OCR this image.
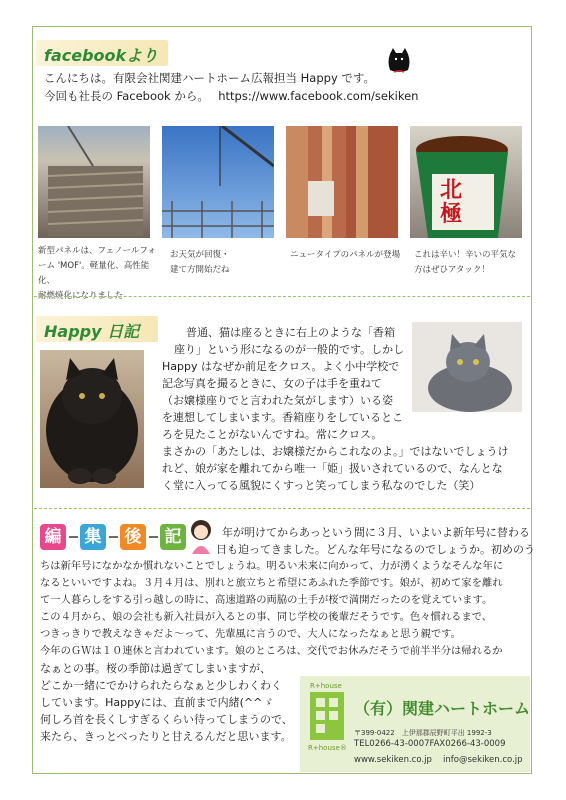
facebookより
こんにちは。有限会社関建ハートホーム広報担当 Happy です。
今回も社長の Facebook から。　 https://www.facebook.com/sekiken
北極
新型パネルは、フェノールフォ
ーム 'MOF'。軽量化、高性能化、
耐燃焼化になりました
お天気が回復・
建て方開始だね
ニュータイプのパネルが登場	これは辛い！辛いの平気な
方はぜひアタック！
Happy 日記	普通、猫は座るときに右上のような「香箱
座り」という形になるのが一般的です。しかし
Happy はなぜか前足をクロス。よく小中学校で
記念写真を撮るときに、女の子は手を重ねて
（お嬢様座りでと言われた気がします）いる姿
を連想してしまいます。香箱座りをしているとこ
ろを見たことがないんですね。常にクロス。
まさかの「あたしは、お嬢様だからこれなのよ。」ではないでしょうけ
れど、娘が家を離れてから唯一「姫」扱いされているので、なんとな
く堂に入ってる風貌にくすっと笑ってしまう私なのでした（笑）
編 集 後 記	年が明けてからあっという間に３月、いよいよ新年号に替わる
日も迫ってきました。どんな年号になるのでしょうか。初めのう
ちは新年号になかなか慣れないことでしょうね。明るい未来に向かって、力が湧くようなそんな年に
なるといいですよね。３月４月は、別れと旅立ちと希望にあふれた季節です。娘が、初めて家を離れ
て一人暮らしをする引っ越しの時に、高速道路の両脇の土手が桜で満開だったのを覚えています。
この４月から、娘の会社も新入社員が入るとの事、同じ学校の後輩だそうです。色々慣れるまで、
つきっきりで教えなきゃだよ～って、先輩風に言うので、大人になったなぁと思う親です。
今年のＧＷは１０連休と言われています。娘のところは、交代でお休みだそうで前半半分は帰れるか
なぁとの事。桜の季節は過ぎてしまいますが、
どこか一緒にでかけられたらなぁと少しわくわく
しています。Happyには、直前まで内緒(^^ゞ
何しろ首を長くしすぎるくらい待ってしまうので、
来たら、きっとべったりと甘えるんだと思います。
R+house
R+house®
（有）関建ハートホーム
〒399-0422　上伊那郡辰野町平出 1992-3
TEL0266-43-0007FAX0266-43-0009
www.sekiken.co.jp　 info@sekiken.co.jp
